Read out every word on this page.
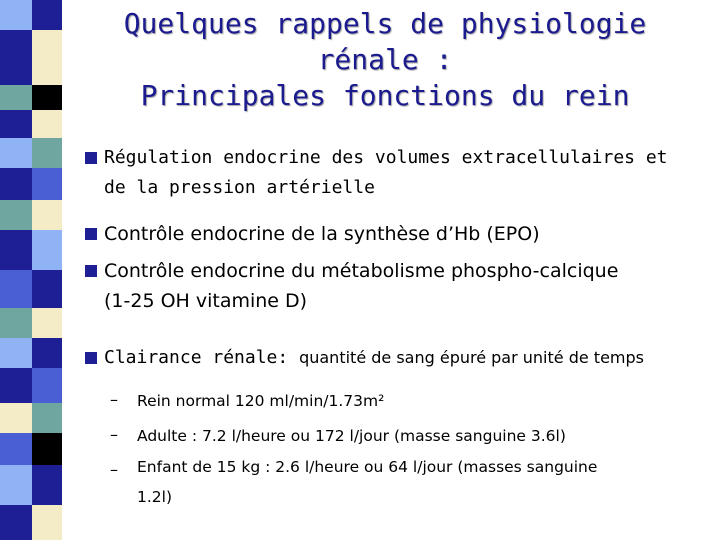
Quelques rappels de physiologie
rénale :
Principales fonctions du rein
Régulation endocrine des volumes extracellulaires et
de la pression artérielle
Contrôle endocrine de la synthèse d’Hb (EPO)
Contrôle endocrine du métabolisme phospho-calcique
(1-25 OH vitamine D)
Clairance rénale: quantité de sang épuré par unité de temps
– Rein normal 120 ml/min/1.73m²
– Adulte : 7.2 l/heure ou 172 l/jour (masse sanguine 3.6l)
– Enfant de 15 kg : 2.6 l/heure ou 64 l/jour (masses sanguine
1.2l)
